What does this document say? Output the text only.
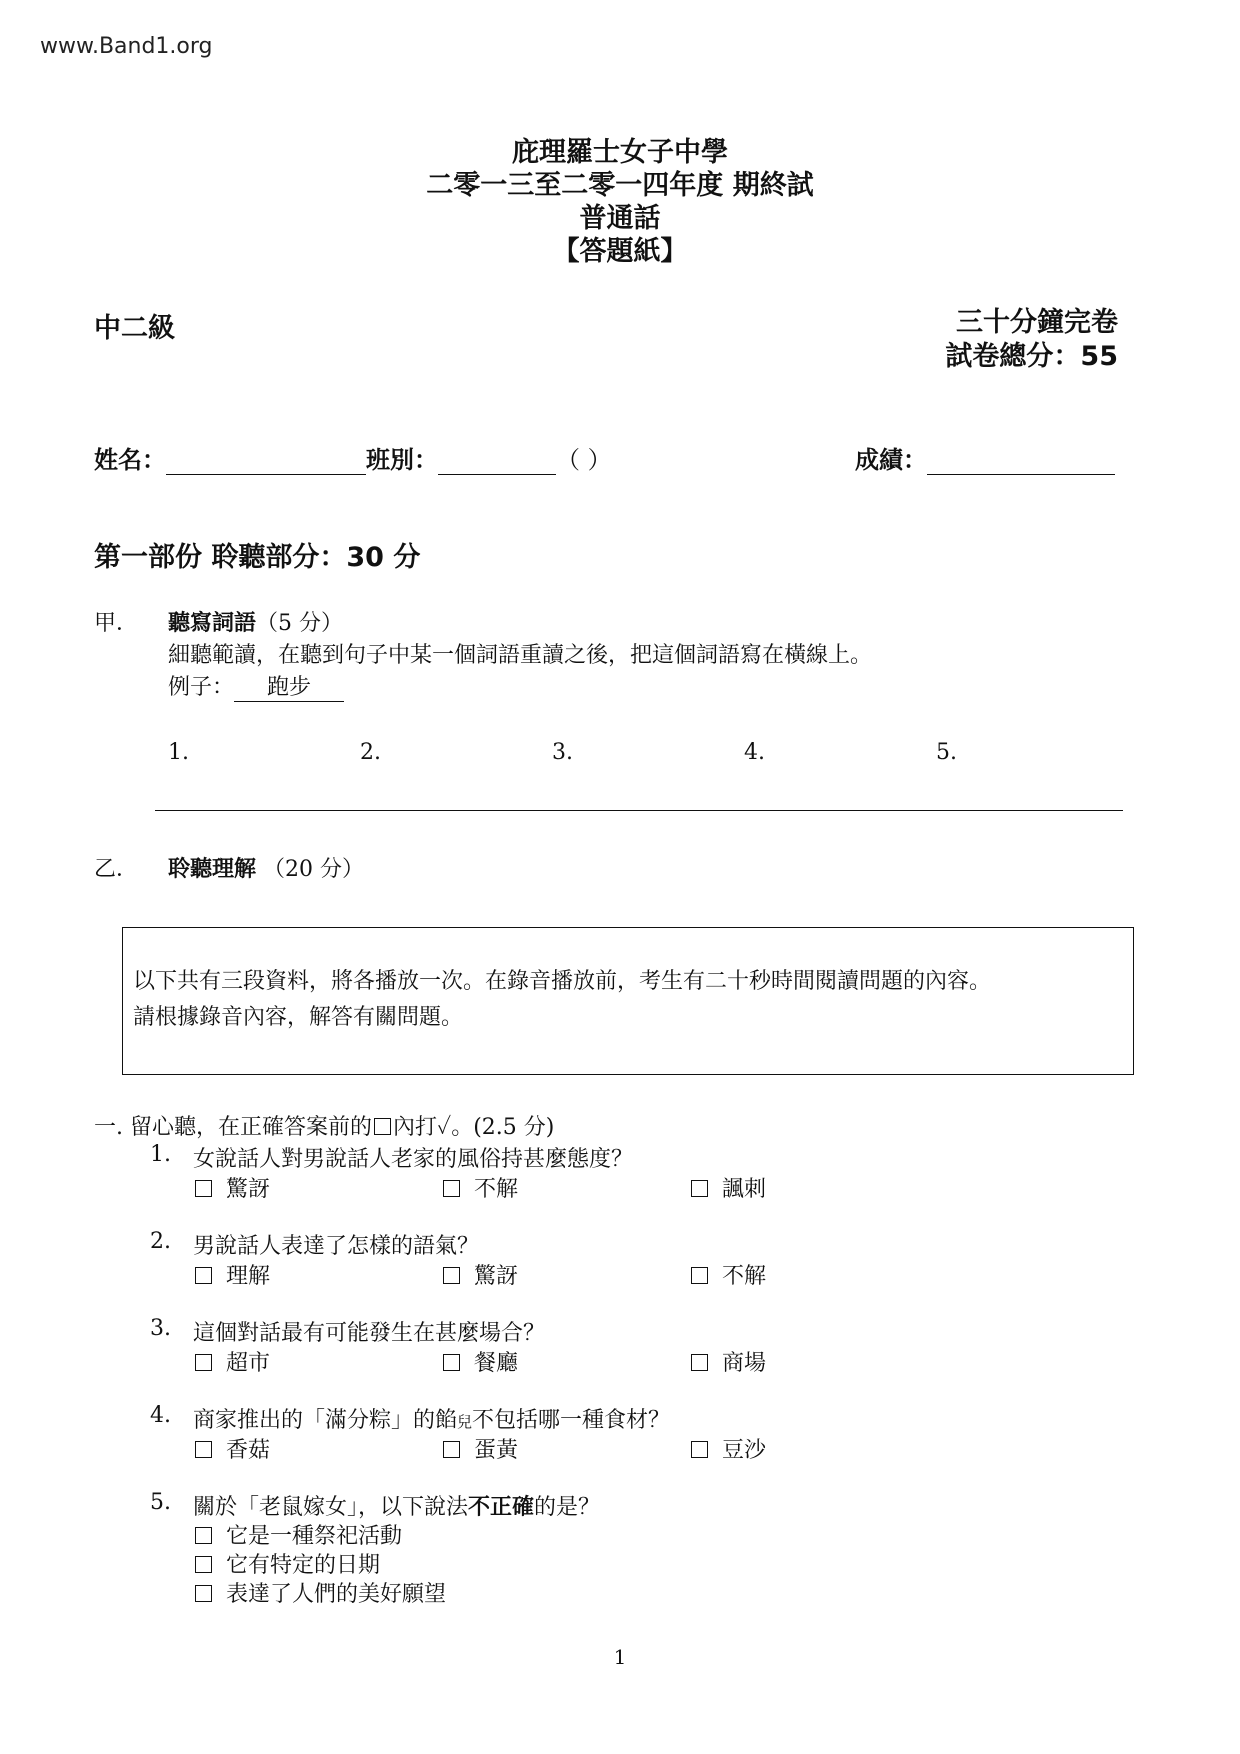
www.Band1.org
庇理羅士女子中學
二零一三至二零一四年度 期終試
普通話
【答題紙】
中二級	三十分鐘完卷
試卷總分：55
姓名：	班別：	（ ）	成績：
第一部份 聆聽部分：30 分
甲． 聽寫詞語（5 分）
細聽範讀，在聽到句子中某一個詞語重讀之後，把這個詞語寫在橫線上。
例子： 跑步
1.	2.	3.	4.	5.
乙． 聆聽理解 （20 分）
以下共有三段資料，將各播放一次。在錄音播放前，考生有二十秒時間閱讀問題的內容。
請根據錄音內容，解答有關問題。
一. 留心聽，在正確答案前的 內打✓。(2.5 分)
1. 女說話人對男說話人老家的風俗持甚麼態度？
驚訝	不解	諷刺
2. 男說話人表達了怎樣的語氣？
理解	驚訝	不解
3. 這個對話最有可能發生在甚麼場合？
超市	餐廳	商場
4. 商家推出的「滿分粽」的餡兒不包括哪一種食材？
香菇	蛋黃	豆沙
5. 關於「老鼠嫁女」，以下說法不正確的是？
它是一種祭祀活動
它有特定的日期
表達了人們的美好願望
1
